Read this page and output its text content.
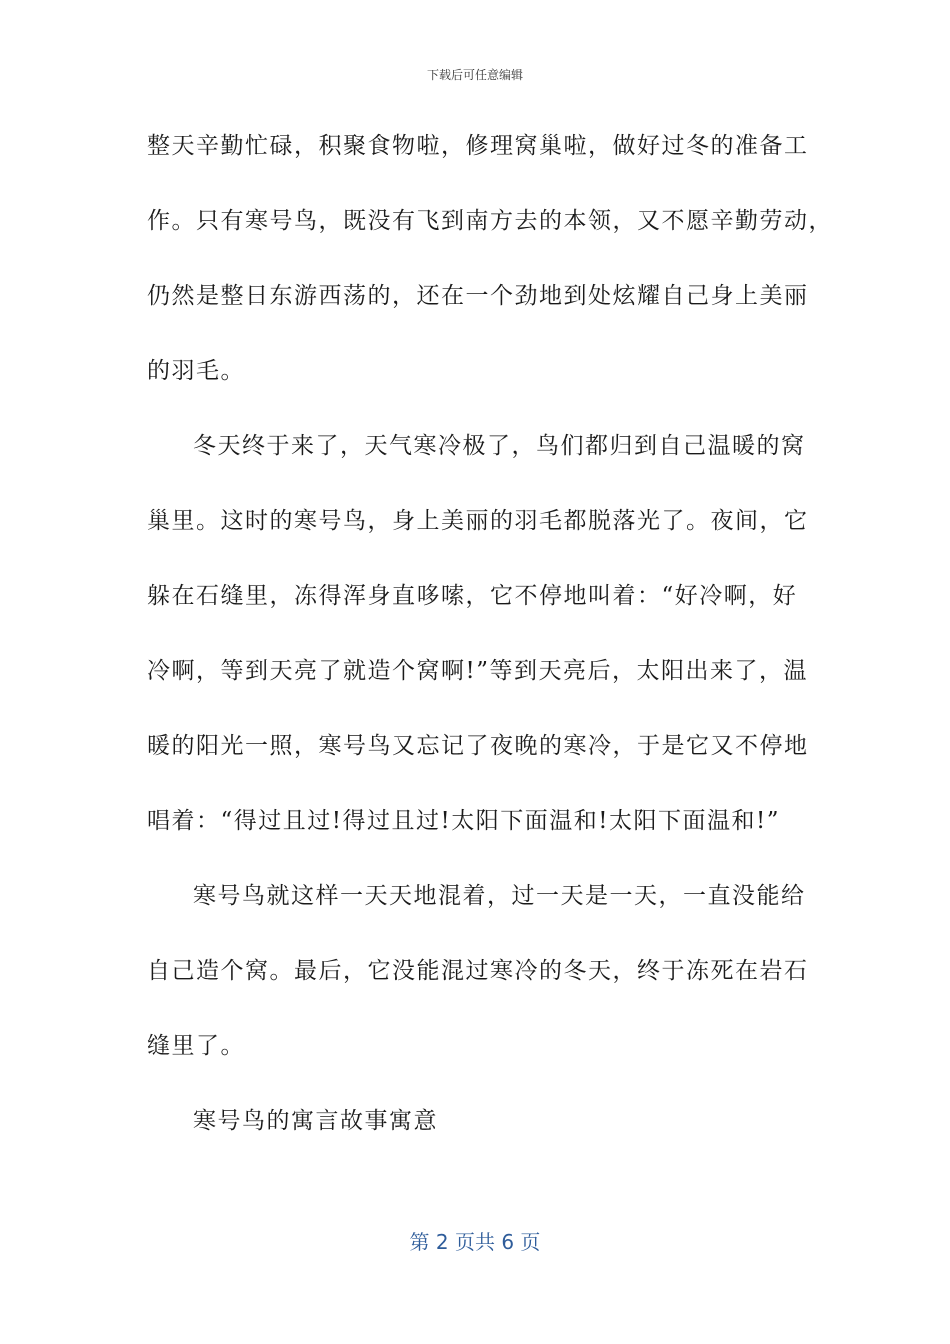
下载后可任意编辑
整天辛勤忙碌，积聚食物啦，修理窝巢啦，做好过冬的准备工
作。只有寒号鸟，既没有飞到南方去的本领，又不愿辛勤劳动，
仍然是整日东游西荡的，还在一个劲地到处炫耀自己身上美丽
的羽毛。
冬天终于来了，天气寒冷极了，鸟们都归到自己温暖的窝
巢里。这时的寒号鸟，身上美丽的羽毛都脱落光了。夜间，它
躲在石缝里，冻得浑身直哆嗦，它不停地叫着：“好冷啊，好
冷啊，等到天亮了就造个窝啊!”等到天亮后，太阳出来了，温
暖的阳光一照，寒号鸟又忘记了夜晚的寒冷，于是它又不停地
唱着：“得过且过!得过且过!太阳下面温和!太阳下面温和!”
寒号鸟就这样一天天地混着，过一天是一天，一直没能给
自己造个窝。最后，它没能混过寒冷的冬天，终于冻死在岩石
缝里了。
寒号鸟的寓言故事寓意
第 2 页共 6 页
